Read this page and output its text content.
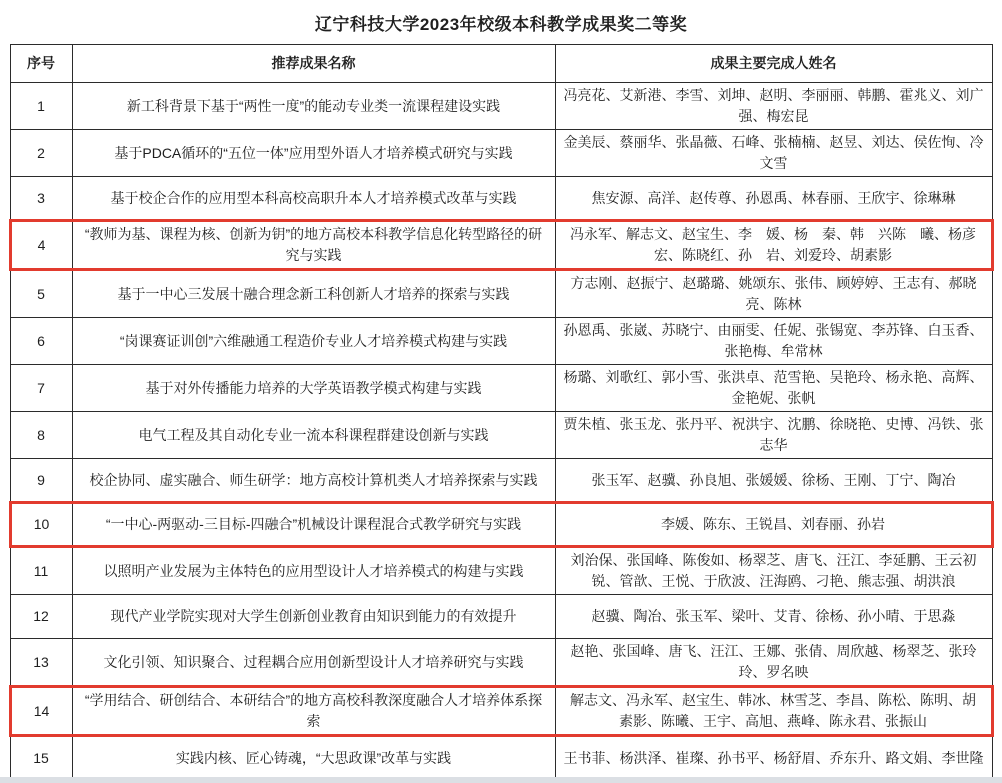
辽宁科技大学2023年校级本科教学成果奖二等奖
序号	推荐成果名称	成果主要完成人姓名
1	新工科背景下基于“两性一度”的能动专业类一流课程建设实践	冯亮花、艾新港、李雪、刘坤、赵明、李丽丽、韩鹏、霍兆义、刘广强、梅宏昆
2	基于PDCA循环的“五位一体”应用型外语人才培养模式研究与实践	金美辰、蔡丽华、张晶薇、石峰、张楠楠、赵昱、刘达、侯佐恂、冷文雪
3	基于校企合作的应用型本科高校高职升本人才培养模式改革与实践	焦安源、高洋、赵传尊、孙恩禹、林春丽、王欣宇、徐琳琳
4	“教师为基、课程为核、创新为钥”的地方高校本科教学信息化转型路径的研究与实践	冯永军、解志文、赵宝生、李　媛、杨　秦、韩　兴陈　曦、杨彦宏、陈晓红、孙　岩、刘爱玲、胡素影
5	基于一中心三发展十融合理念新工科创新人才培养的探索与实践	方志刚、赵振宁、赵璐璐、姚颂东、张伟、顾婷婷、王志有、郝晓亮、陈林
6	“岗课赛证训创”六维融通工程造价专业人才培养模式构建与实践	孙恩禹、张崴、苏晓宁、由丽雯、任妮、张锡宽、李苏锋、白玉香、张艳梅、牟常林
7	基于对外传播能力培养的大学英语教学模式构建与实践	杨璐、刘歌红、郭小雪、张洪卓、范雪艳、吴艳玲、杨永艳、高辉、金艳妮、张帆
8	电气工程及其自动化专业一流本科课程群建设创新与实践	贾朱植、张玉龙、张丹平、祝洪宇、沈鹏、徐晓艳、史博、冯铁、张志华
9	校企协同、虚实融合、师生研学：地方高校计算机类人才培养探索与实践	张玉军、赵骥、孙良旭、张媛媛、徐杨、王刚、丁宁、陶冶
10	“一中心-两驱动-三目标-四融合”机械设计课程混合式教学研究与实践	李媛、陈东、王锐昌、刘春丽、孙岩
11	以照明产业发展为主体特色的应用型设计人才培养模式的构建与实践	刘治保、张国峰、陈俊如、杨翠芝、唐飞、汪江、李延鹏、王云初锐、管歆、王悦、于欣波、汪海鸥、刁艳、熊志强、胡洪浪
12	现代产业学院实现对大学生创新创业教育由知识到能力的有效提升	赵骥、陶冶、张玉军、梁叶、艾青、徐杨、孙小晴、于思淼
13	文化引领、知识聚合、过程耦合应用创新型设计人才培养研究与实践	赵艳、张国峰、唐飞、汪江、王娜、张倩、周欣越、杨翠芝、张玲玲、罗名映
14	“学用结合、研创结合、本研结合”的地方高校科教深度融合人才培养体系探索	解志文、冯永军、赵宝生、韩冰、林雪芝、李昌、陈松、陈明、胡素影、陈曦、王宇、高旭、燕峰、陈永君、张振山
15	实践内核、匠心铸魂，“大思政课”改革与实践	王书菲、杨洪泽、崔璨、孙书平、杨舒眉、乔东升、路文娟、李世隆
